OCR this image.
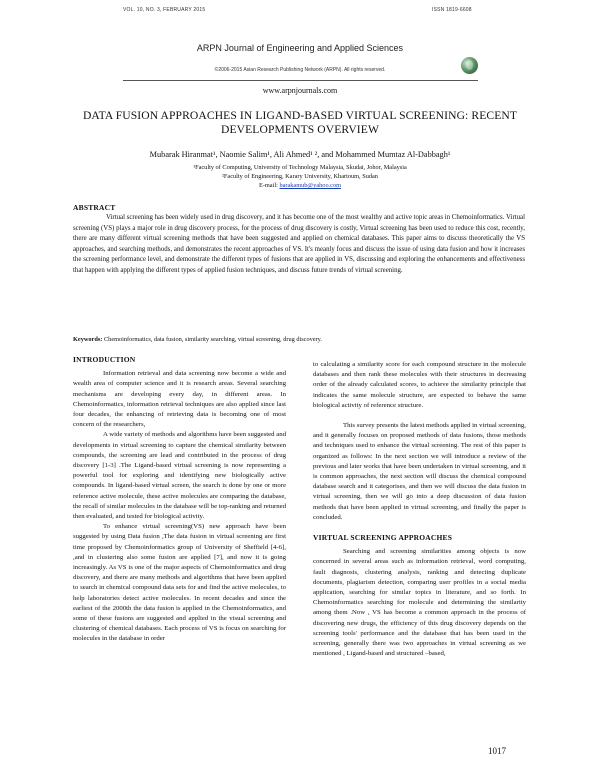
VOL. 10, NO. 3, FEBRUARY 2015	ISSN 1819-6608
ARPN Journal of Engineering and Applied Sciences
©2006-2015 Asian Research Publishing Network (ARPN). All rights reserved.
www.arpnjournals.com
DATA FUSION APPROACHES IN LIGAND-BASED VIRTUAL SCREENING: RECENT DEVELOPMENTS OVERVIEW
Mubarak Hiranmat¹, Naomie Salim¹, Ali Ahmed¹ ², and Mohammed Mumtaz Al-Dabbagh¹
¹Faculty of Computing, University of Technology Malaysia, Skudai, Johor, Malaysia
²Faculty of Engineering, Karary University, Khartoum, Sudan
E-mail: barakamub@yahoo.com
ABSTRACT

Virtual screening has been widely used in drug discovery, and it has become one of the most wealthy and active topic areas in Chemoinformatics. Virtual screening (VS) plays a major role in drug discovery process, for the process of drug discovery is costly, Virtual screening has been used to reduce this cost, recently, there are many different virtual screening methods that have been suggested and applied on chemical databases. This paper aims to discuss theoretically the VS approaches, and searching methods, and demonstrates the recent approaches of VS. It's meanly focus and discuss the issue of using data fusion and how it increases the screening performance level, and demonstrate the different types of fusions that are applied in VS, discussing and exploring the enhancements and effectiveness that happen with applying the different types of applied fusion techniques, and discuss future trends of virtual screening.

Keywords: Chemoinformatics, data fusion, similarity searching, virtual screening, drug discovery.

INTRODUCTION

Information retrieval and data screening now become a wide and wealth area of computer science and it is research areas. Several searching mechanisms are developing every day, in different areas. In Chemoinformatics, information retrieval techniques are also applied since last four decades, the enhancing of retrieving data is becoming one of most concern of the researchers,

A wide variety of methods and algorithms have been suggested and developments in virtual screening to capture the chemical similarity between compounds, the screening are lead and contributed in the process of drug discovery [1-3] .The Ligand-based virtual screening is now representing a powerful tool for exploring and identifying new biologically active compounds. In ligand-based virtual screen, the search is done by one or more reference active molecule, these active molecules are comparing the database, the recall of similar molecules in the database will be top-ranking and returned then evaluated, and tested for biological activity.

To enhance virtual screening(VS) new approach have been suggested by using Data fusion ,The data fusion in virtual screening are first time proposed by Chemoinformatics group of University of Sheffield [4-6], ,and in clustering also some fusion are applied [7], and now it is going increasingly. As VS is one of the major aspects of Chemoinformatics and drug discovery, and there are many methods and algorithms that have been applied to search in chemical compound data sets for and find the active molecules, to help laboratories detect active molecules. In recent decades and since the earliest of the 2000th the data fusion is applied in the Chemoinformatics, and some of these fusions are suggested and applied in the visual screening and clustering of chemical databases. Each process of VS is focus on searching for molecules in the database in order

to calculating a similarity score for each compound structure in the molecule databases and then rank these molecules with their structures in decreasing order of the already calculated scores, to achieve the similarity principle that indicates the same molecule structure, are expected to behave the same biological activity of reference structure.

This survey presents the latest methods applied in virtual screening, and it generally focuses on proposed methods of data fusions, those methods and techniques used to enhance the virtual screening. The rest of this paper is organized as follows: In the next section we will introduce a review of the previous and later works that have been undertaken in virtual screening, and it is common approaches, the next section will discuss the chemical compound database search and it categorises, and then we will discuss the data fusion in virtual screening, then we will go into a deep discussion of data fusion methods that have been applied in virtual screening, and finally the paper is concluded.

VIRTUAL SCREENING APPROACHES

Searching and screening similarities among objects is now concerned in several areas such as information retrieval, word computing, fault diagnosis, clustering analysis, ranking and detecting duplicate documents, plagiarism detection, comparing user profiles in a social media application, searching for similar topics in literature, and so forth. In Chemoinformatics searching for molecule and determining the similarity among them .Now , VS has become a common approach in the process of discovering new drugs, the efficiency of this drug discovery depends on the screening tools' performance and the database that has been used in the screening, generally there was two approaches in virtual screening as we mentioned , Ligand-based and structured –based,

1017
